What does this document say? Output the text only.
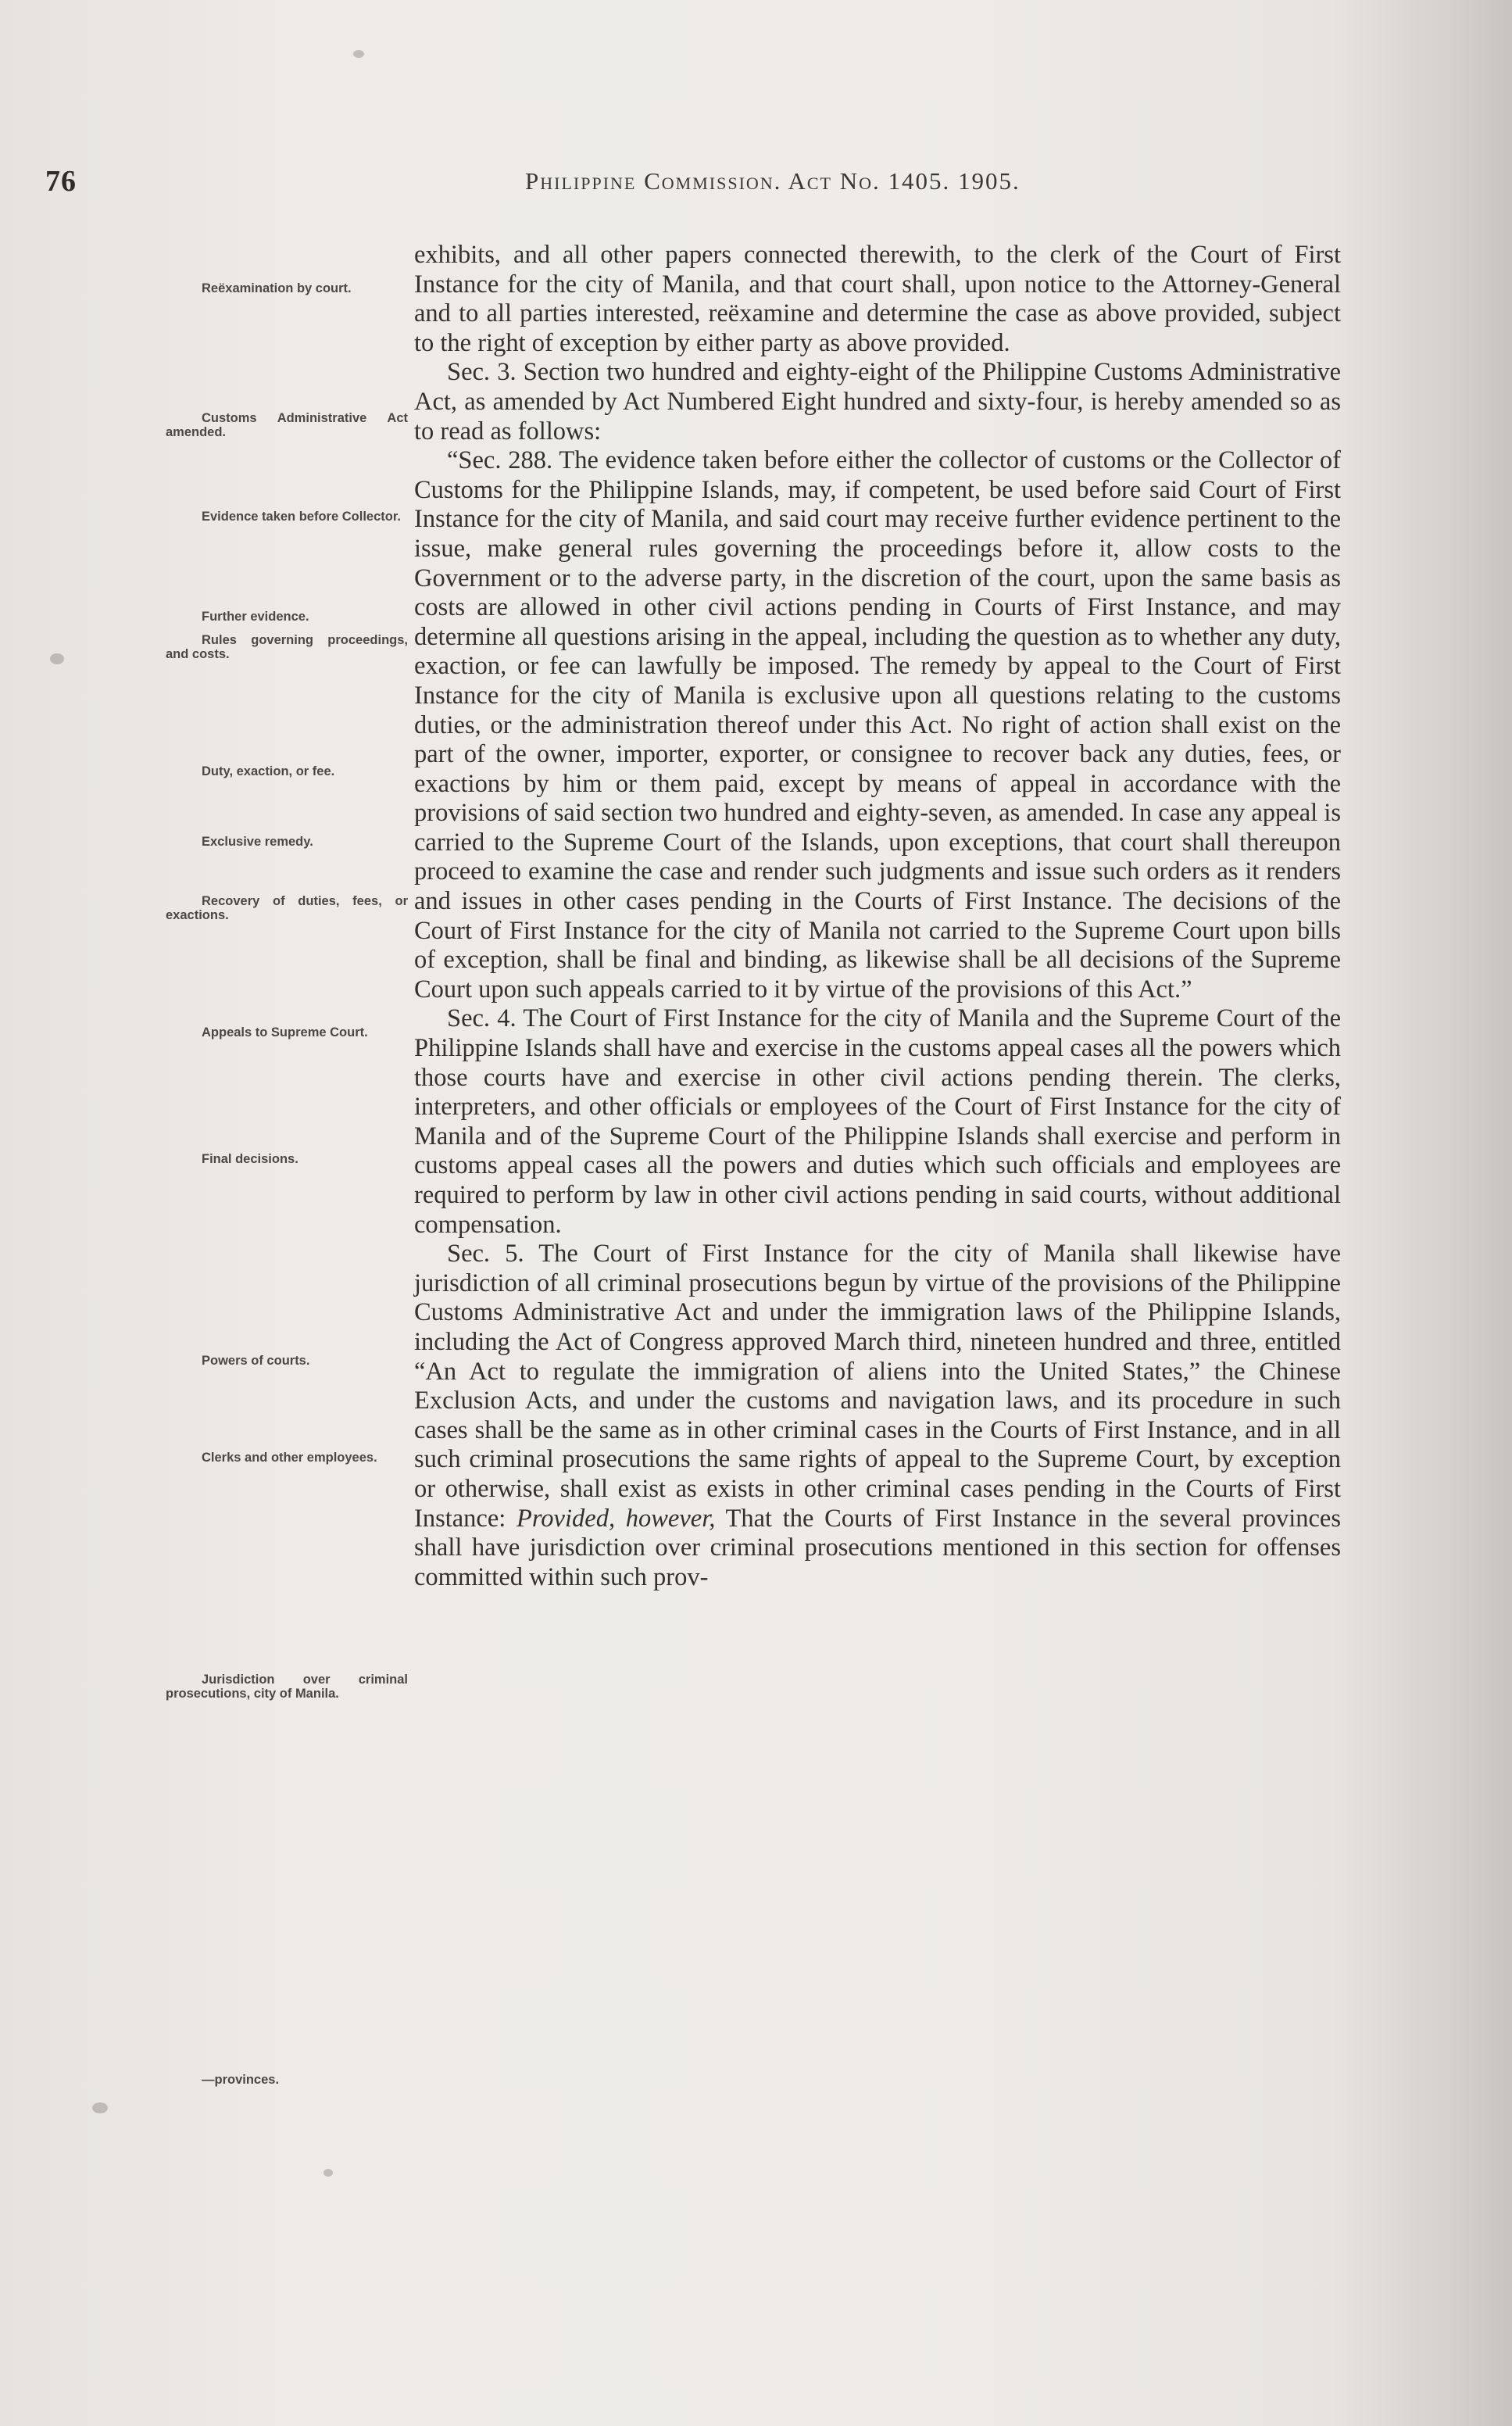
76	Philippine Commission. Act No. 1405. 1905.
Reëxamination by court.
Customs Administrative Act amended.
Evidence taken before Collector.
Further evidence.
Rules governing proceedings, and costs.
Duty, exaction, or fee.
Exclusive remedy.
Recovery of duties, fees, or exactions.
Appeals to Supreme Court.
Final decisions.
Powers of courts.
Clerks and other employees.
Jurisdiction over criminal prosecutions, city of Manila.
—provinces.

exhibits, and all other papers connected therewith, to the clerk of the Court of First Instance for the city of Manila, and that court shall, upon notice to the Attorney-General and to all parties interested, reëxamine and determine the case as above provided, subject to the right of exception by either party as above provided.

Sec. 3. Section two hundred and eighty-eight of the Philippine Customs Administrative Act, as amended by Act Numbered Eight hundred and sixty-four, is hereby amended so as to read as follows:

“Sec. 288. The evidence taken before either the collector of customs or the Collector of Customs for the Philippine Islands, may, if competent, be used before said Court of First Instance for the city of Manila, and said court may receive further evidence pertinent to the issue, make general rules governing the proceedings before it, allow costs to the Government or to the adverse party, in the discretion of the court, upon the same basis as costs are allowed in other civil actions pending in Courts of First Instance, and may determine all questions arising in the appeal, including the question as to whether any duty, exaction, or fee can lawfully be imposed. The remedy by appeal to the Court of First Instance for the city of Manila is exclusive upon all questions relating to the customs duties, or the administration thereof under this Act. No right of action shall exist on the part of the owner, importer, exporter, or consignee to recover back any duties, fees, or exactions by him or them paid, except by means of appeal in accordance with the provisions of said section two hundred and eighty-seven, as amended. In case any appeal is carried to the Supreme Court of the Islands, upon exceptions, that court shall thereupon proceed to examine the case and render such judgments and issue such orders as it renders and issues in other cases pending in the Courts of First Instance. The decisions of the Court of First Instance for the city of Manila not carried to the Supreme Court upon bills of exception, shall be final and binding, as likewise shall be all decisions of the Supreme Court upon such appeals carried to it by virtue of the provisions of this Act.”

Sec. 4. The Court of First Instance for the city of Manila and the Supreme Court of the Philippine Islands shall have and exercise in the customs appeal cases all the powers which those courts have and exercise in other civil actions pending therein. The clerks, interpreters, and other officials or employees of the Court of First Instance for the city of Manila and of the Supreme Court of the Philippine Islands shall exercise and perform in customs appeal cases all the powers and duties which such officials and employees are required to perform by law in other civil actions pending in said courts, without additional compensation.

Sec. 5. The Court of First Instance for the city of Manila shall likewise have jurisdiction of all criminal prosecutions begun by virtue of the provisions of the Philippine Customs Administrative Act and under the immigration laws of the Philippine Islands, including the Act of Congress approved March third, nineteen hundred and three, entitled “An Act to regulate the immigration of aliens into the United States,” the Chinese Exclusion Acts, and under the customs and navigation laws, and its procedure in such cases shall be the same as in other criminal cases in the Courts of First Instance, and in all such criminal prosecutions the same rights of appeal to the Supreme Court, by exception or otherwise, shall exist as exists in other criminal cases pending in the Courts of First Instance: Provided, however, That the Courts of First Instance in the several provinces shall have jurisdiction over criminal prosecutions mentioned in this section for offenses committed within such prov-
